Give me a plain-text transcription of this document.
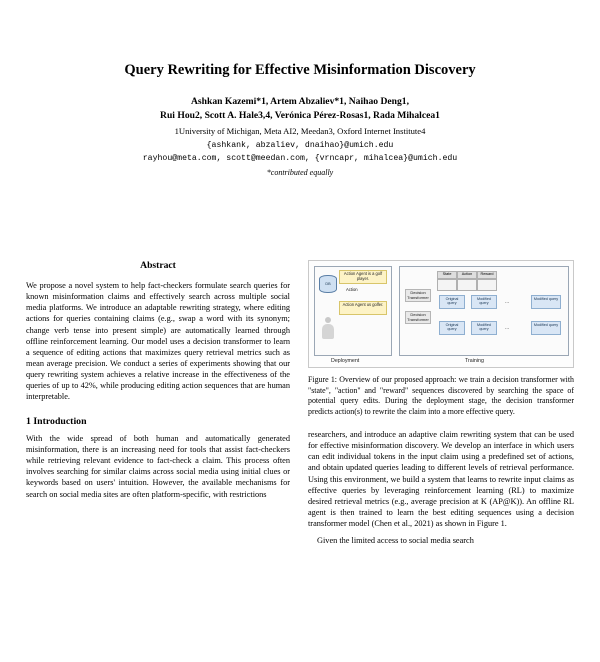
Query Rewriting for Effective Misinformation Discovery
Ashkan Kazemi*1, Artem Abzaliev*1, Naihao Deng1,
Rui Hou2, Scott A. Hale3,4, Verónica Pérez-Rosas1, Rada Mihalcea1
1University of Michigan, Meta AI2, Meedan3, Oxford Internet Institute4
{ashkank, abzaliev, dnaihao}@umich.edu
rayhou@meta.com, scott@meedan.com, {vrncapr, mihalcea}@umich.edu
*contributed equally
Abstract

We propose a novel system to help fact-checkers formulate search queries for known misinformation claims and effectively search across multiple social media platforms. We introduce an adaptable rewriting strategy, where editing actions for queries containing claims (e.g., swap a word with its synonym; change verb tense into present simple) are automatically learned through offline reinforcement learning. Our model uses a decision transformer to learn a sequence of editing actions that maximizes query retrieval metrics such as mean average precision. We conduct a series of experiments showing that our query rewriting system achieves a relative increase in the effectiveness of the queries of up to 42%, while producing editing action sequences that are human interpretable.

1 Introduction

With the wide spread of both human and automatically generated misinformation, there is an increasing need for tools that assist fact-checkers while retrieving relevant evidence to fact-check a claim. This process often involves searching for similar claims across social media using initial clues or keywords based on users' intuition. However, the available mechanisms for search on social media sites are often platform-specific, with restrictions

DB
Action Agent is a golf player.
Action Agent us golfer.
Action
Decision Transformer
Decision Transformer
State	Action	Reward
Original query
Modified query
Modified query
Original query
Modified query
Modified query
...
...
Deployment	Training
Figure 1: Overview of our proposed approach: we train a decision transformer with "state", "action" and "reward" sequences discovered by searching the space of potential query edits. During the deployment stage, the decision transformer predicts action(s) to rewrite the claim into a more effective query.

researchers, and introduce an adaptive claim rewriting system that can be used for effective misinformation discovery. We develop an interface in which users can edit individual tokens in the input claim using a predefined set of actions, and obtain updated queries leading to different levels of retrieval performance. Using this environment, we build a system that learns to rewrite input claims as effective queries by leveraging reinforcement learning (RL) to maximize desired retrieval metrics (e.g., average precision at K (AP@K)). An offline RL agent is then trained to learn the best editing sequences using a decision transformer model (Chen et al., 2021) as shown in Figure 1.

Given the limited access to social media search
